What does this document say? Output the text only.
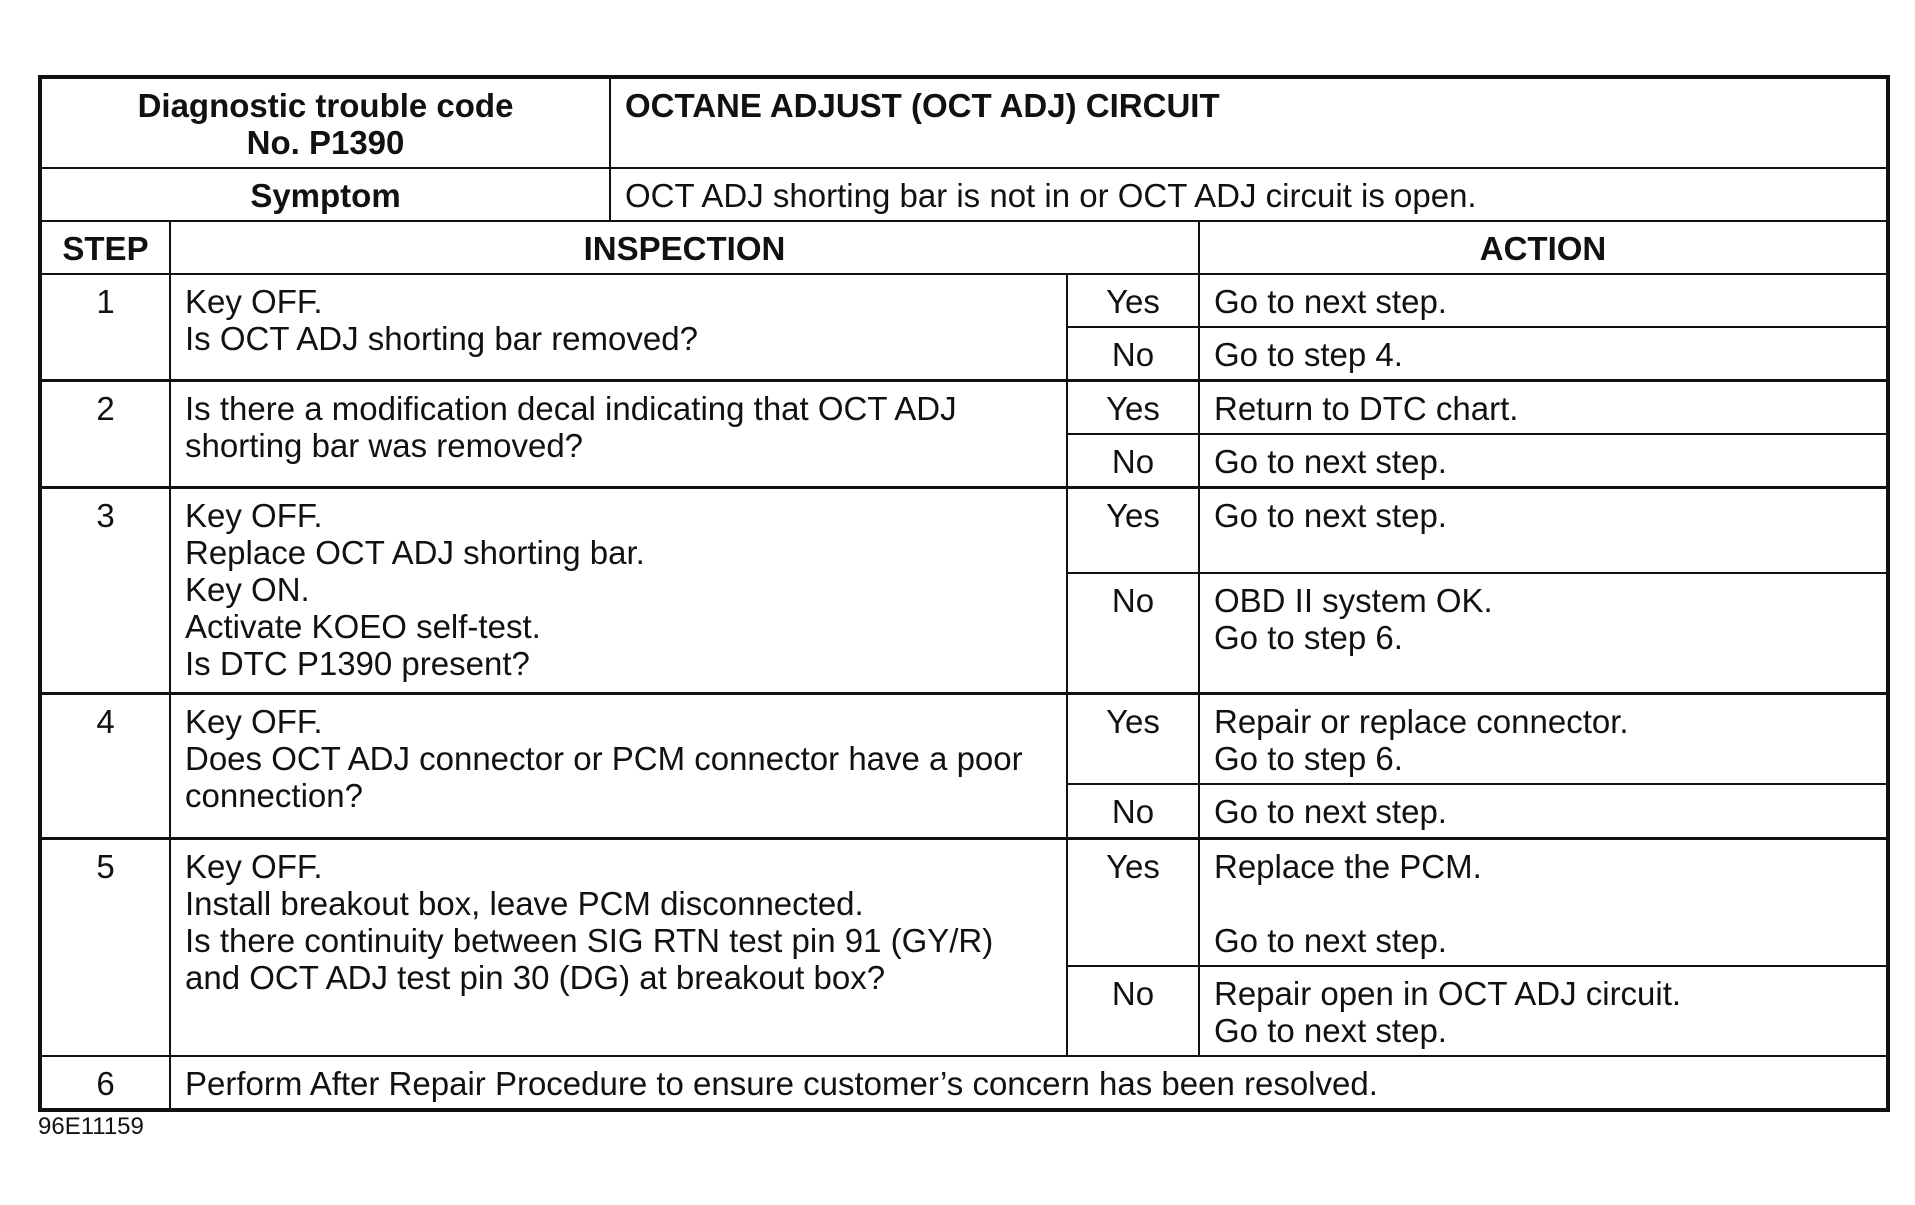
Diagnostic trouble code
No. P1390		OCTANE ADJUST (OCT ADJ) CIRCUIT		
Symptom		OCT ADJ shorting bar is not in or OCT ADJ circuit is open.		
STEP	INSPECTION			ACTION
1	Key OFF.
Is OCT ADJ shorting bar removed?		Yes	Go to next step.
			No	Go to step 4.
2	Is there a modification decal indicating that OCT ADJ
shorting bar was removed?		Yes	Return to DTC chart.
			No	Go to next step.
3	Key OFF.
Replace OCT ADJ shorting bar.
Key ON.
Activate KOEO self-test.
Is DTC P1390 present?		Yes	Go to next step.
			No	OBD II system OK.
Go to step 6.
4	Key OFF.
Does OCT ADJ connector or PCM connector have a poor
connection?		Yes	Repair or replace connector.
Go to step 6.
			No	Go to next step.
5	Key OFF.
Install breakout box, leave PCM disconnected.
Is there continuity between SIG RTN test pin 91 (GY/R)
and OCT ADJ test pin 30 (DG) at breakout box?		Yes	Replace the PCM.

Go to next step.
			No	Repair open in OCT ADJ circuit.
Go to next step.
6	Perform After Repair Procedure to ensure customer’s concern has been resolved.			
96E11159
